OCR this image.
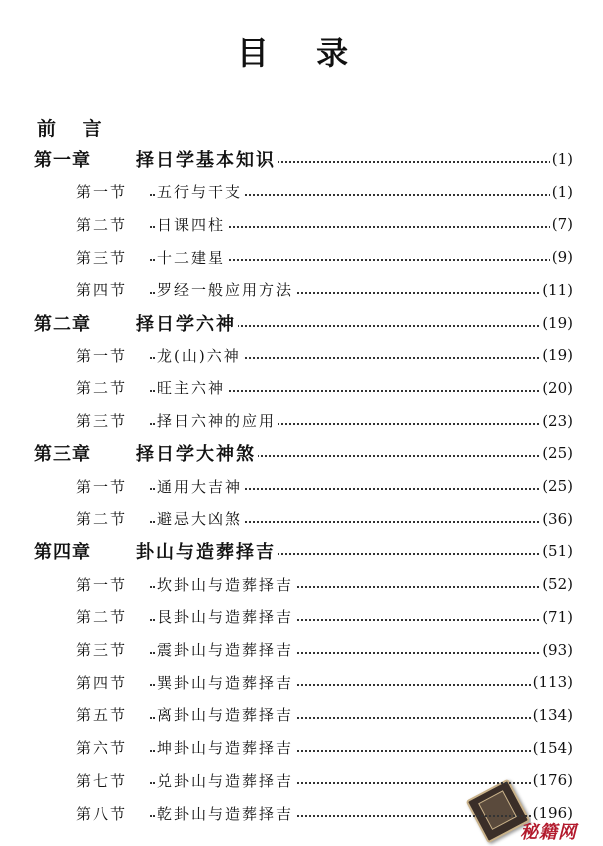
目 录
前 言
第一章	择日学基本知识	(1)
第一节 五行与干支	(1)
第二节 日课四柱	(7)
第三节 十二建星	(9)
第四节 罗经一般应用方法	(11)
第二章	择日学六神	(19)
第一节 龙(山)六神	(19)
第二节 旺主六神	(20)
第三节 择日六神的应用	(23)
第三章	择日学大神煞	(25)
第一节 通用大吉神	(25)
第二节 避忌大凶煞	(36)
第四章	卦山与造葬择吉	(51)
第一节 坎卦山与造葬择吉	(52)
第二节 艮卦山与造葬择吉	(71)
第三节 震卦山与造葬择吉	(93)
第四节 巽卦山与造葬择吉	(113)
第五节 离卦山与造葬择吉	(134)
第六节 坤卦山与造葬择吉	(154)
第七节 兑卦山与造葬择吉	(176)
第八节 乾卦山与造葬择吉	(196)
秘籍网
